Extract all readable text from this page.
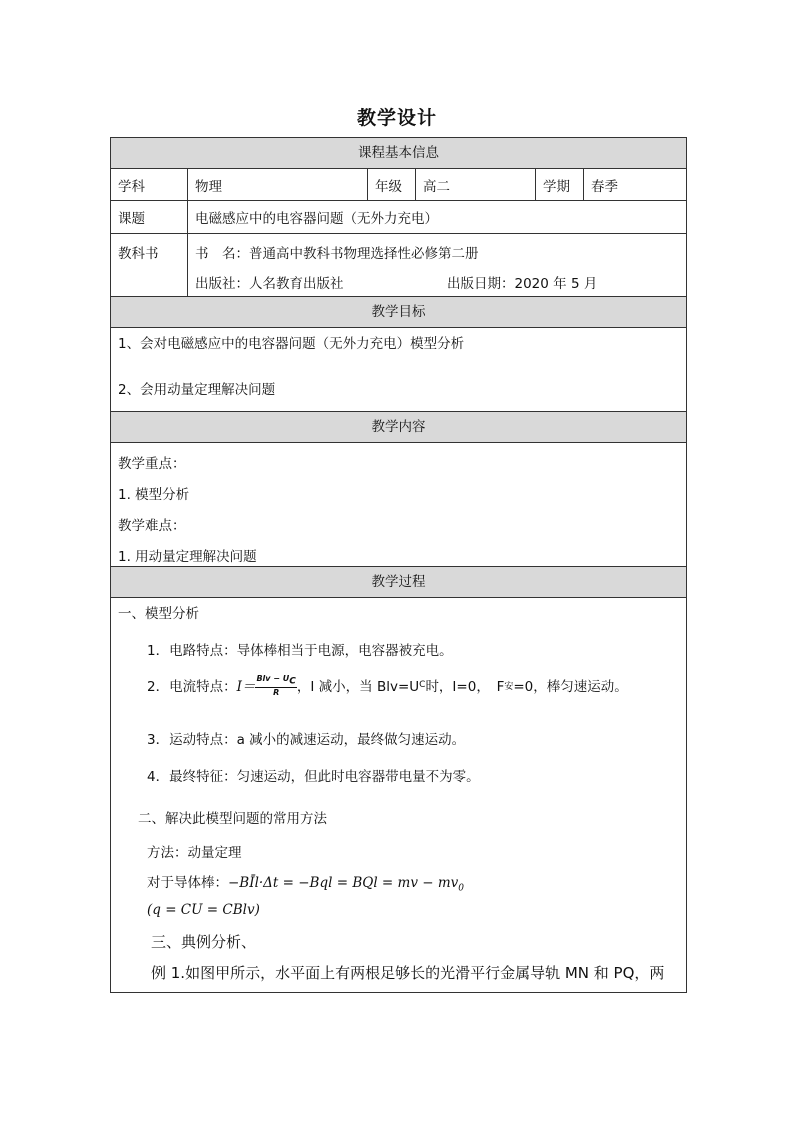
教学设计
课程基本信息
学科	物理	年级	高二	学期	春季
课题	电磁感应中的电容器问题（无外力充电）
教科书	书　名：普通高中教科书物理选择性必修第二册
出版社：人名教育出版社	出版日期：2020 年 5 月
教学目标
1、会对电磁感应中的电容器问题（无外力充电）模型分析
2、会用动量定理解决问题
教学内容
教学重点：
1. 模型分析
教学难点：
1. 用动量定理解决问题
教学过程
一、模型分析
1．电路特点：导体棒相当于电源，电容器被充电。
2．电流特点： $I= \frac{Blv - U_C}{R}$ ，I 减小，当 Blv=U C 时，I=0，　F 安 =0，棒匀速运动。
3．运动特点：a 减小的减速运动，最终做匀速运动。
4．最终特征：匀速运动，但此时电容器带电量不为零。
二、解决此模型问题的常用方法
方法：动量定理
对于导体棒：−BĪl·Δt = −Bql = BQl = mv − $mv_0$
(q = CU = CBlv)
三、典例分析、
例 1.如图甲所示，水平面上有两根足够长的光滑平行金属导轨 MN 和 PQ，两
